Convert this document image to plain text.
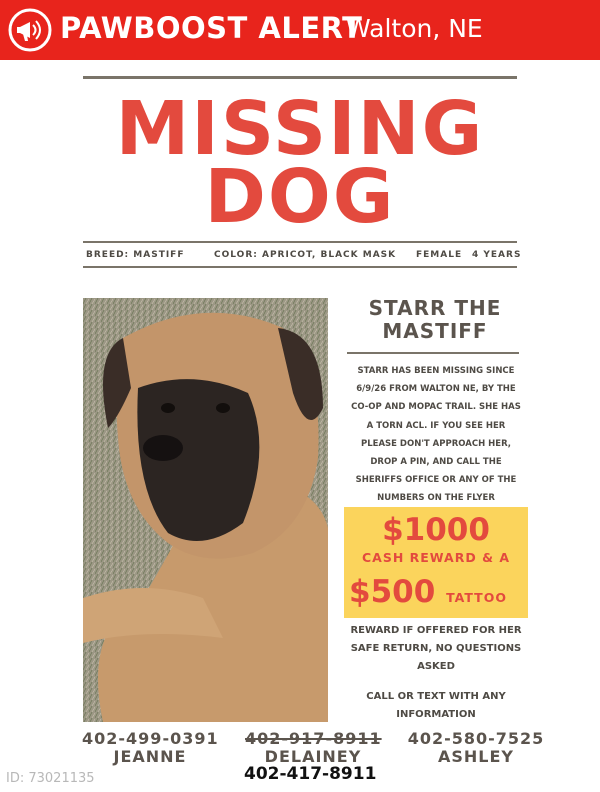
PAWBOOST ALERT
Walton, NE
MISSING
DOG
BREED: MASTIFF	COLOR: APRICOT, BLACK MASK FEMALE 4 YEARS
STARR THE
MASTIFF
STARR HAS BEEN MISSING SINCE 6/9/26 FROM WALTON NE, BY THE CO-OP AND MOPAC TRAIL. SHE HAS A TORN ACL. IF YOU SEE HER PLEASE DON'T APPROACH HER, DROP A PIN, AND CALL THE SHERIFFS OFFICE OR ANY OF THE NUMBERS ON THE FLYER
$1000
CASH REWARD & A
$500 TATTOO
REWARD IF OFFERED FOR HER SAFE RETURN, NO QUESTIONS ASKED
CALL OR TEXT WITH ANY INFORMATION
402-499-0391
JEANNE
402-917-8911
DELAINEY
402-580-7525
ASHLEY
402-417-8911
ID: 73021135
